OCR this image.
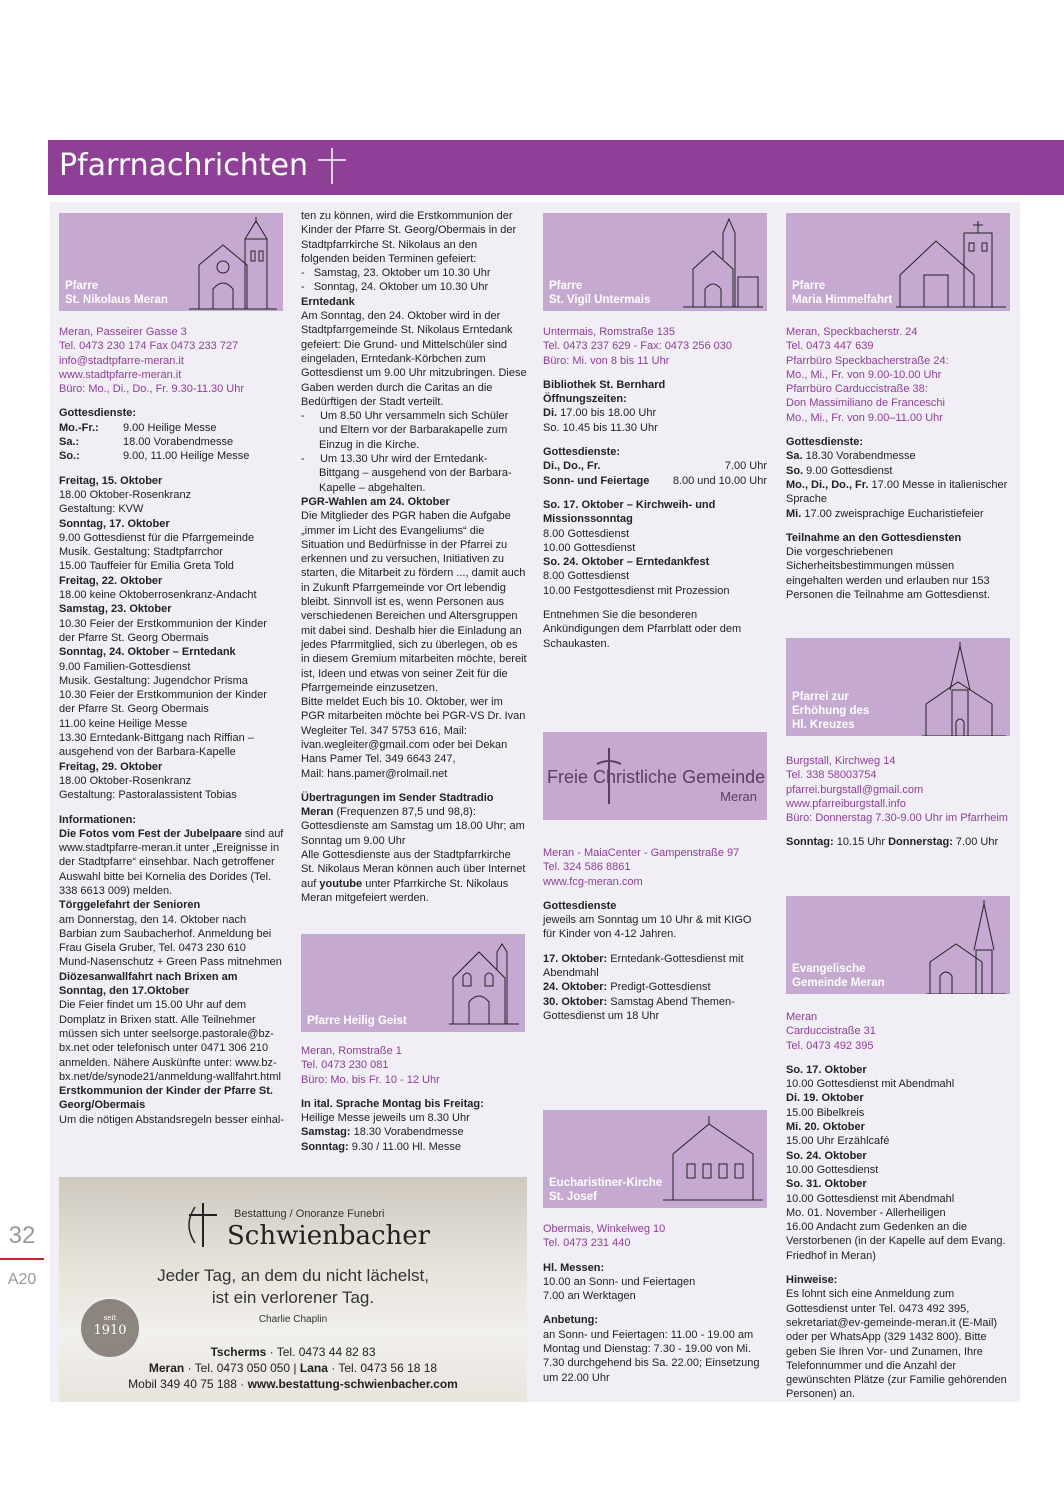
Pfarrnachrichten
32
A20
Pfarre
St. Nikolaus Meran

Meran, Passeirer Gasse 3

Tel. 0473 230 174 Fax 0473 233 727

info@stadtpfarre-meran.it

www.stadtpfarre-meran.it

Büro: Mo., Di., Do., Fr. 9.30-11.30 Uhr

Gottesdienste:

Mo.-Fr.:	9.00 Heilige Messe
Sa.:	18.00 Vorabendmesse
So.:	9.00, 11.00 Heilige Messe

Freitag, 15. Oktober

18.00 Oktober-Rosenkranz

Gestaltung: KVW

Sonntag, 17. Oktober

9.00 Gottesdienst für die Pfarrgemeinde

Musik. Gestaltung: Stadtpfarrchor

15.00 Tauffeier für Emilia Greta Told

Freitag, 22. Oktober

18.00 keine Oktoberrosenkranz-Andacht

Samstag, 23. Oktober

10.30 Feier der Erstkommunion der Kinder der Pfarre St. Georg Obermais

Sonntag, 24. Oktober – Erntedank

9.00 Familien-Gottesdienst

Musik. Gestaltung: Jugendchor Prisma

10.30 Feier der Erstkommunion der Kinder der Pfarre St. Georg Obermais

11.00 keine Heilige Messe

13.30 Erntedank-Bittgang nach Riffian – ausgehend von der Barbara-Kapelle

Freitag, 29. Oktober

18.00 Oktober-Rosenkranz

Gestaltung: Pastoralassistent Tobias

Informationen:

Die Fotos vom Fest der Jubelpaare sind auf www.stadtpfarre-meran.it unter „Ereignisse in der Stadtpfarre“ einsehbar. Nach getroffener Auswahl bitte bei Kornelia des Dorides (Tel. 338 6613 009) melden.

Törggelefahrt der Senioren

am Donnerstag, den 14. Oktober nach Barbian zum Saubacherhof. Anmeldung bei Frau Gisela Gruber, Tel. 0473 230 610

Mund-Nasenschutz + Green Pass mitnehmen

Diözesanwallfahrt nach Brixen am Sonntag, den 17.Oktober

Die Feier findet um 15.00 Uhr auf dem Domplatz in Brixen statt. Alle Teilnehmer müssen sich unter seelsorge.pastorale@bz-bx.net oder telefonisch unter 0471 306 210 anmelden. Nähere Auskünfte unter: www.bz-bx.net/de/synode21/anmeldung-wallfahrt.html

Erstkommunion der Kinder der Pfarre St. Georg/Obermais

Um die nötigen Abstandsregeln besser einhal-

ten zu können, wird die Erstkommunion der Kinder der Pfarre St. Georg/Obermais in der Stadtpfarrkirche St. Nikolaus an den folgenden beiden Terminen gefeiert:

-   Samstag, 23. Oktober um 10.30 Uhr

-   Sonntag, 24. Oktober um 10.30 Uhr

Erntedank

Am Sonntag, den 24. Oktober wird in der Stadtpfarrgemeinde St. Nikolaus Erntedank gefeiert: Die Grund- und Mittelschüler sind eingeladen, Erntedank-Körbchen zum Gottesdienst um 9.00 Uhr mitzubringen. Diese Gaben werden durch die Caritas an die Bedürftigen der Stadt verteilt.

-     Um 8.50 Uhr versammeln sich Schüler und Eltern vor der Barbarakapelle zum Einzug in die Kirche.

-     Um 13.30 Uhr wird der Erntedank-Bittgang – ausgehend von der Barbara-Kapelle – abgehalten.

PGR-Wahlen am 24. Oktober

Die Mitglieder des PGR haben die Aufgabe „immer im Licht des Evangeliums“ die Situation und Bedürfnisse in der Pfarrei zu erkennen und zu versuchen, Initiativen zu starten, die Mitarbeit zu fördern ..., damit auch in Zukunft Pfarrgemeinde vor Ort lebendig bleibt. Sinnvoll ist es, wenn Personen aus verschiedenen Bereichen und Altersgruppen mit dabei sind. Deshalb hier die Einladung an jedes Pfarrmitglied, sich zu überlegen, ob es in diesem Gremium mitarbeiten möchte, bereit ist, Ideen und etwas von seiner Zeit für die Pfarrgemeinde einzusetzen.

Bitte meldet Euch bis 10. Oktober, wer im PGR mitarbeiten möchte bei PGR-VS Dr. Ivan Wegleiter Tel. 347 5753 616, Mail: ivan.wegleiter@gmail.com oder bei Dekan Hans Pamer Tel. 349 6643 247,

Mail: hans.pamer@rolmail.net

Übertragungen im Sender Stadtradio

Meran (Frequenzen 87,5 und 98,8): Gottesdienste am Samstag um 18.00 Uhr; am Sonntag um 9.00 Uhr

Alle Gottesdienste aus der Stadtpfarrkirche St. Nikolaus Meran können auch über Internet auf youtube unter Pfarrkirche St. Nikolaus Meran mitgefeiert werden.

Pfarre Heilig Geist

Meran, Romstraße 1

Tel. 0473 230 081

Büro: Mo. bis Fr. 10 - 12 Uhr

In ital. Sprache Montag bis Freitag:

Heilige Messe jeweils um 8.30 Uhr

Samstag: 18.30 Vorabendmesse

Sonntag: 9.30 / 11.00 Hl. Messe

Pfarre
St. Vigil Untermais

Untermais, Romstraße 135

Tel. 0473 237 629 - Fax: 0473 256 030

Büro: Mi. von 8 bis 11 Uhr

Bibliothek St. Bernhard

Öffnungszeiten:

Di. 17.00 bis 18.00 Uhr

So. 10.45 bis 11.30 Uhr

Gottesdienste:

Di., Do., Fr.	7.00 Uhr
Sonn- und Feiertage 8.00 und 10.00 Uhr

So. 17. Oktober – Kirchweih- und Missionssonntag

8.00 Gottesdienst

10.00 Gottesdienst

So. 24. Oktober – Erntedankfest

8.00 Gottesdienst

10.00 Festgottesdienst mit Prozession

Entnehmen Sie die besonderen Ankündigungen dem Pfarrblatt oder dem Schaukasten.

Freie Christliche Gemeinde
Meran

Meran - MaiaCenter - Gampenstraße 97

Tel. 324 586 8861

www.fcg-meran.com

Gottesdienste

jeweils am Sonntag um 10 Uhr & mit KIGO für Kinder von 4-12 Jahren.

17. Oktober: Erntedank-Gottesdienst mit Abendmahl

24. Oktober: Predigt-Gottesdienst

30. Oktober: Samstag Abend Themen-Gottesdienst um 18 Uhr

Eucharistiner-Kirche
St. Josef

Obermais, Winkelweg 10

Tel. 0473 231 440

Hl. Messen:

10.00 an Sonn- und Feiertagen

7.00 an Werktagen

Anbetung:

an Sonn- und Feiertagen: 11.00 - 19.00 am Montag und Dienstag: 7.30 - 19.00 von Mi. 7.30 durchgehend bis Sa. 22.00; Einsetzung um 22.00 Uhr

Pfarre
Maria Himmelfahrt

Meran, Speckbacherstr. 24

Tel. 0473 447 639

Pfarrbüro Speckbacherstraße 24:

Mo., Mi., Fr. von 9.00-10.00 Uhr

Pfarrbüro Carduccistraße 38:

Don Massimiliano de Franceschi

Mo., Mi., Fr. von 9.00–11.00 Uhr

Gottesdienste:

Sa. 18.30 Vorabendmesse

So. 9.00 Gottesdienst

Mo., Di., Do., Fr. 17.00 Messe in italienischer Sprache

Mi. 17.00 zweisprachige Eucharistiefeier

Teilnahme an den Gottesdiensten

Die vorgeschriebenen Sicherheitsbestimmungen müssen eingehalten werden und erlauben nur 153 Personen die Teilnahme am Gottesdienst.

Pfarrei zur
Erhöhung des
Hl. Kreuzes

Burgstall, Kirchweg 14

Tel. 338 58003754

pfarrei.burgstall@gmail.com

www.pfarreiburgstall.info

Büro: Donnerstag 7.30-9.00 Uhr im Pfarrheim

Sonntag: 10.15 Uhr Donnerstag: 7.00 Uhr

Evangelische
Gemeinde Meran

Meran

Carduccistraße 31

Tel. 0473 492 395

So. 17. Oktober

10.00 Gottesdienst mit Abendmahl

Di. 19. Oktober

15.00 Bibelkreis

Mi. 20. Oktober

15.00 Uhr Erzählcafé

So. 24. Oktober

10.00 Gottesdienst

So. 31. Oktober

10.00 Gottesdienst mit Abendmahl

Mo. 01. November - Allerheiligen

16.00 Andacht zum Gedenken an die Verstorbenen (in der Kapelle auf dem Evang. Friedhof in Meran)

Hinweise:

Es lohnt sich eine Anmeldung zum Gottesdienst unter Tel. 0473 492 395, sekretariat@ev-gemeinde-meran.it (E-Mail) oder per WhatsApp (329 1432 800). Bitte geben Sie Ihren Vor- und Zunamen, Ihre Telefonnummer und die Anzahl der gewünschten Plätze (zur Familie gehörenden Personen) an.

Bestattung / Onoranze Funebri
Schwienbacher
Jeder Tag, an dem du nicht lächelst,
ist ein verlorener Tag.
Charlie Chaplin
seit
1910
Tscherms · Tel. 0473 44 82 83
Meran · Tel. 0473 050 050 | Lana · Tel. 0473 56 18 18
Mobil 349 40 75 188 · www.bestattung-schwienbacher.com
